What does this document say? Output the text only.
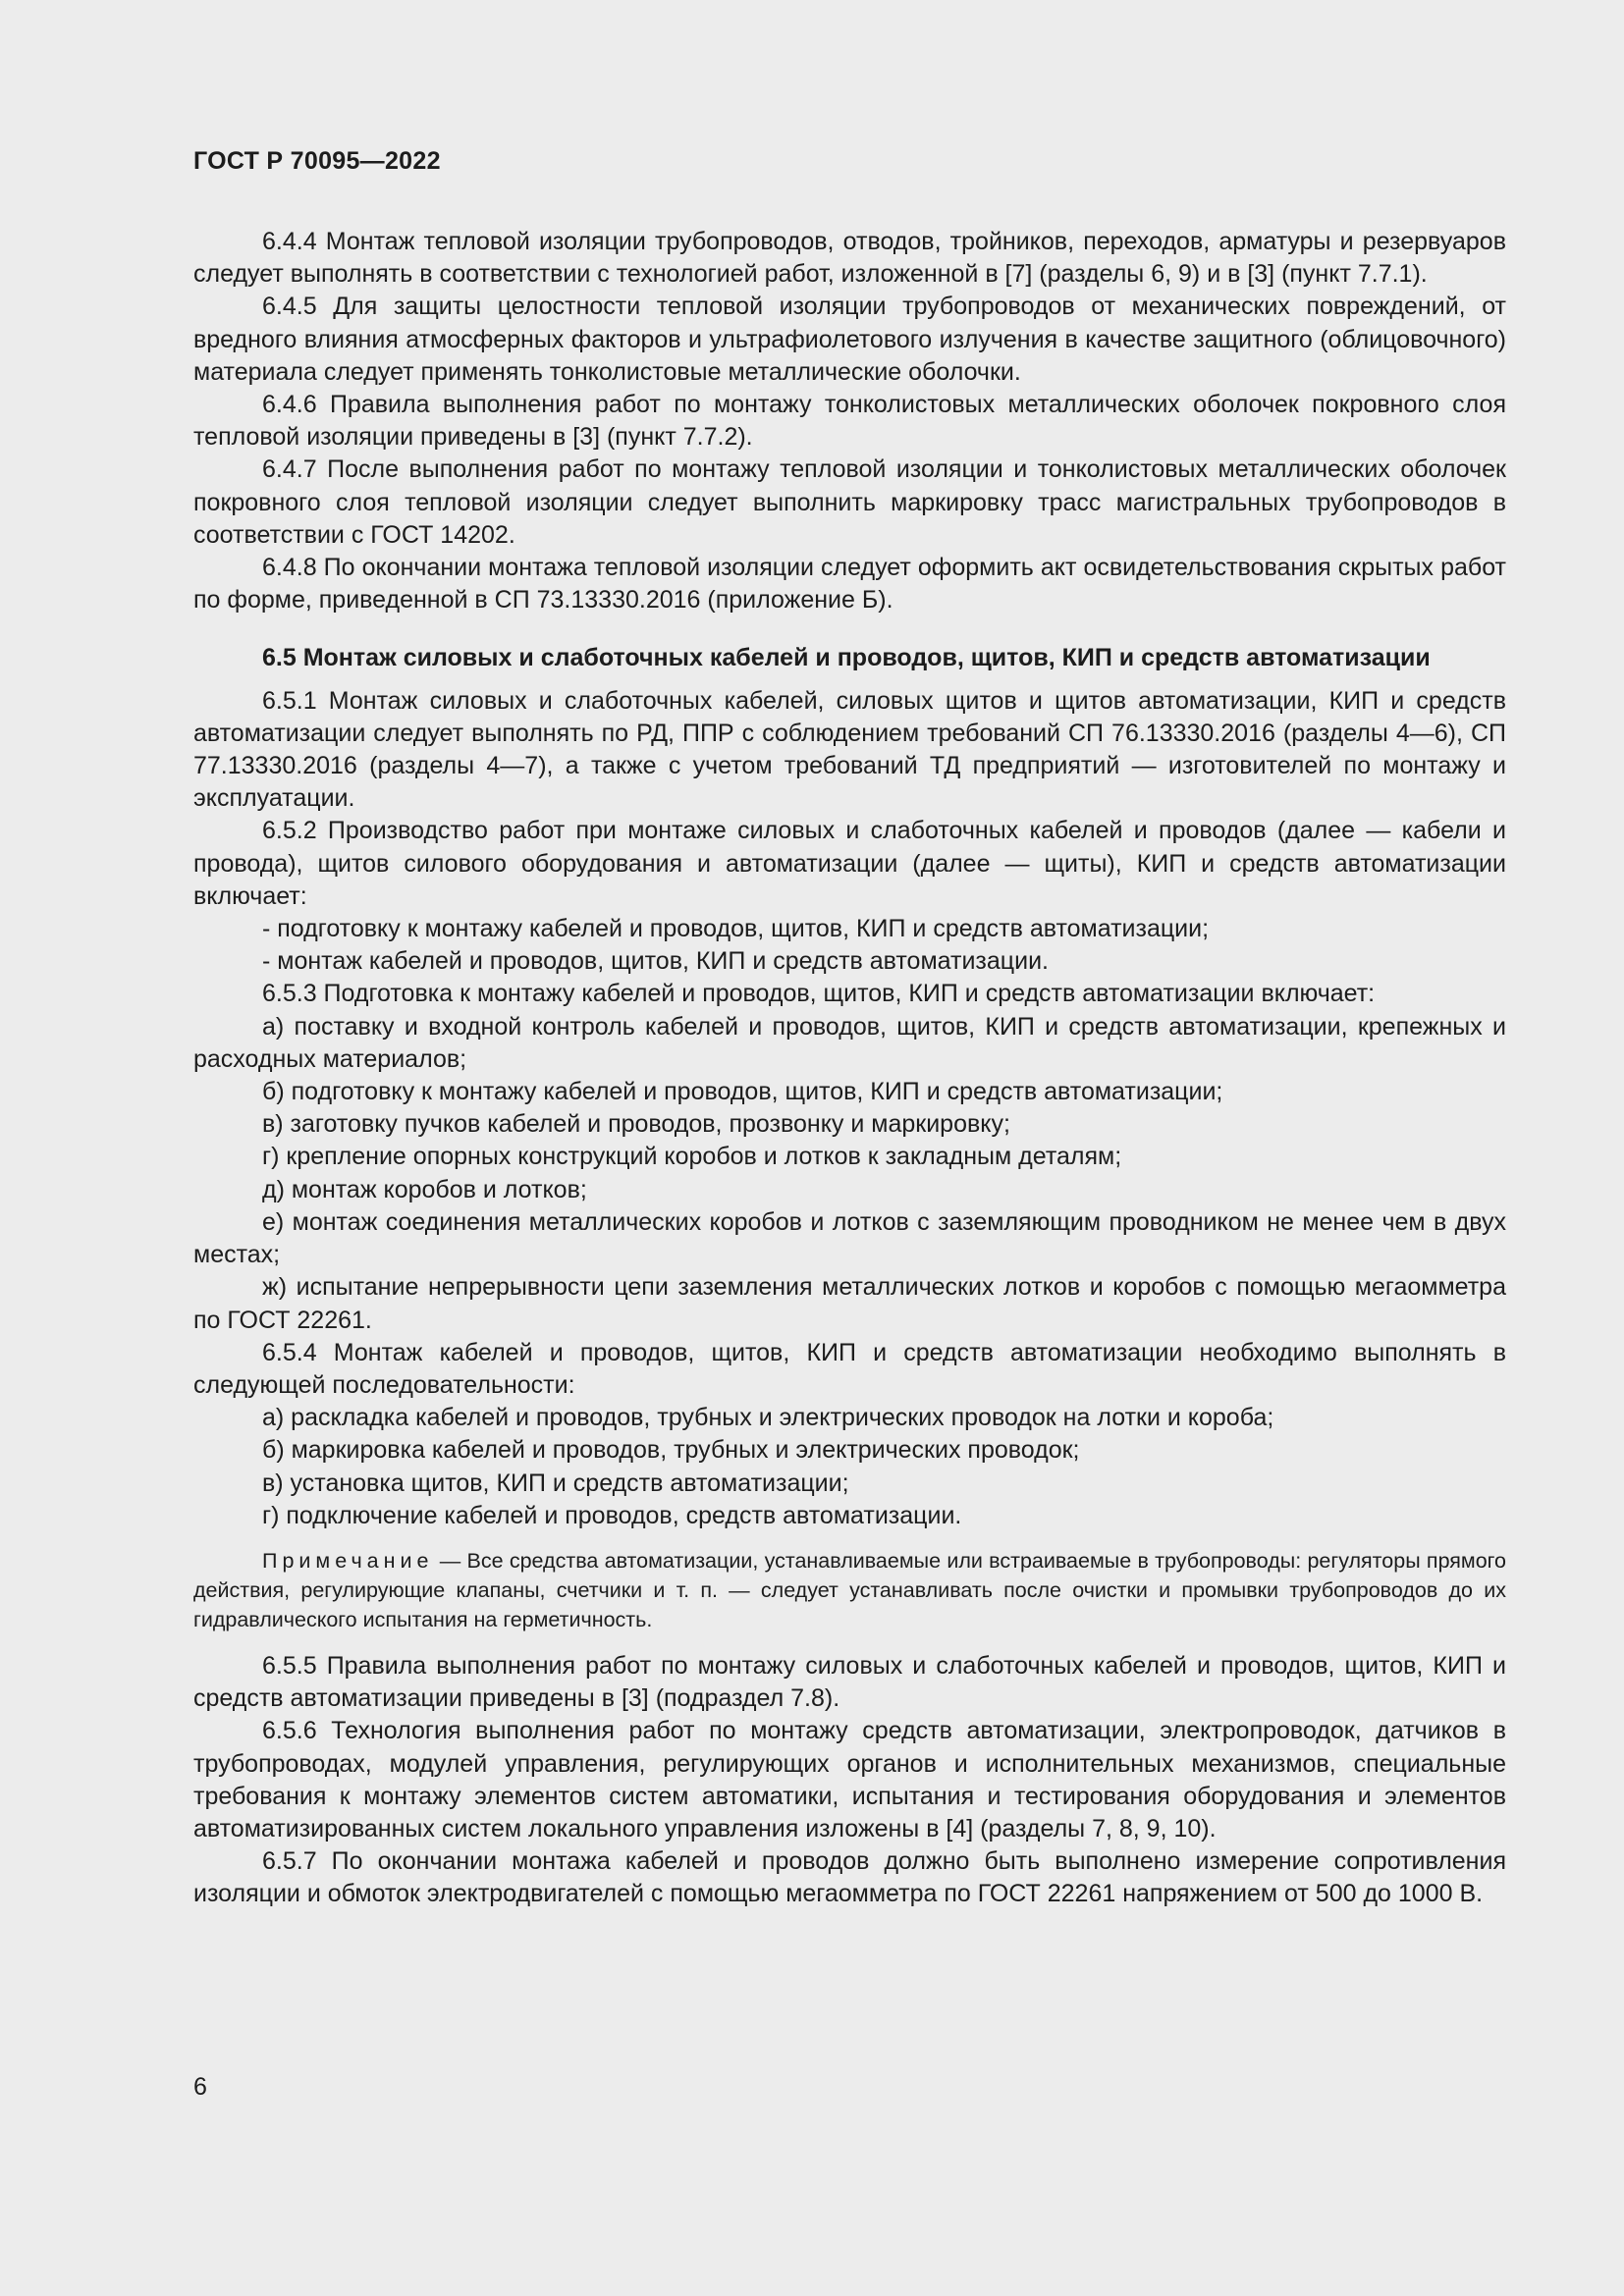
ГОСТ Р 70095—2022

6.4.4 Монтаж тепловой изоляции трубопроводов, отводов, тройников, переходов, арматуры и резервуаров следует выполнять в соответствии с технологией работ, изложенной в [7] (разделы 6, 9) и в [3] (пункт 7.7.1).

6.4.5 Для защиты целостности тепловой изоляции трубопроводов от механических повреждений, от вредного влияния атмосферных факторов и ультрафиолетового излучения в качестве защитного (облицовочного) материала следует применять тонколистовые металлические оболочки.

6.4.6 Правила выполнения работ по монтажу тонколистовых металлических оболочек покровного слоя тепловой изоляции приведены в [3] (пункт 7.7.2).

6.4.7 После выполнения работ по монтажу тепловой изоляции и тонколистовых металлических оболочек покровного слоя тепловой изоляции следует выполнить маркировку трасс магистральных трубопроводов в соответствии с ГОСТ 14202.

6.4.8 По окончании монтажа тепловой изоляции следует оформить акт освидетельствования скрытых работ по форме, приведенной в СП 73.13330.2016 (приложение Б).

6.5 Монтаж силовых и слаботочных кабелей и проводов, щитов, КИП и средств автоматизации

6.5.1 Монтаж силовых и слаботочных кабелей, силовых щитов и щитов автоматизации, КИП и средств автоматизации следует выполнять по РД, ППР с соблюдением требований СП 76.13330.2016 (разделы 4—6), СП 77.13330.2016 (разделы 4—7), а также с учетом требований ТД предприятий — изготовителей по монтажу и эксплуатации.

6.5.2 Производство работ при монтаже силовых и слаботочных кабелей и проводов (далее — кабели и провода), щитов силового оборудования и автоматизации (далее — щиты), КИП и средств автоматизации включает:

- подготовку к монтажу кабелей и проводов, щитов, КИП и средств автоматизации;

- монтаж кабелей и проводов, щитов, КИП и средств автоматизации.

6.5.3 Подготовка к монтажу кабелей и проводов, щитов, КИП и средств автоматизации включает:

а) поставку и входной контроль кабелей и проводов, щитов, КИП и средств автоматизации, крепежных и расходных материалов;

б) подготовку к монтажу кабелей и проводов, щитов, КИП и средств автоматизации;

в) заготовку пучков кабелей и проводов, прозвонку и маркировку;

г) крепление опорных конструкций коробов и лотков к закладным деталям;

д) монтаж коробов и лотков;

е) монтаж соединения металлических коробов и лотков с заземляющим проводником не менее чем в двух местах;

ж) испытание непрерывности цепи заземления металлических лотков и коробов с помощью мегаомметра по ГОСТ 22261.

6.5.4 Монтаж кабелей и проводов, щитов, КИП и средств автоматизации необходимо выполнять в следующей последовательности:

а) раскладка кабелей и проводов, трубных и электрических проводок на лотки и короба;

б) маркировка кабелей и проводов, трубных и электрических проводок;

в) установка щитов, КИП и средств автоматизации;

г) подключение кабелей и проводов, средств автоматизации.

Примечание — Все средства автоматизации, устанавливаемые или встраиваемые в трубопроводы: регуляторы прямого действия, регулирующие клапаны, счетчики и т. п. — следует устанавливать после очистки и промывки трубопроводов до их гидравлического испытания на герметичность.

6.5.5 Правила выполнения работ по монтажу силовых и слаботочных кабелей и проводов, щитов, КИП и средств автоматизации приведены в [3] (подраздел 7.8).

6.5.6 Технология выполнения работ по монтажу средств автоматизации, электропроводок, датчиков в трубопроводах, модулей управления, регулирующих органов и исполнительных механизмов, специальные требования к монтажу элементов систем автоматики, испытания и тестирования оборудования и элементов автоматизированных систем локального управления изложены в [4] (разделы 7, 8, 9, 10).

6.5.7 По окончании монтажа кабелей и проводов должно быть выполнено измерение сопротивления изоляции и обмоток электродвигателей с помощью мегаомметра по ГОСТ 22261 напряжением от 500 до 1000 В.

6
